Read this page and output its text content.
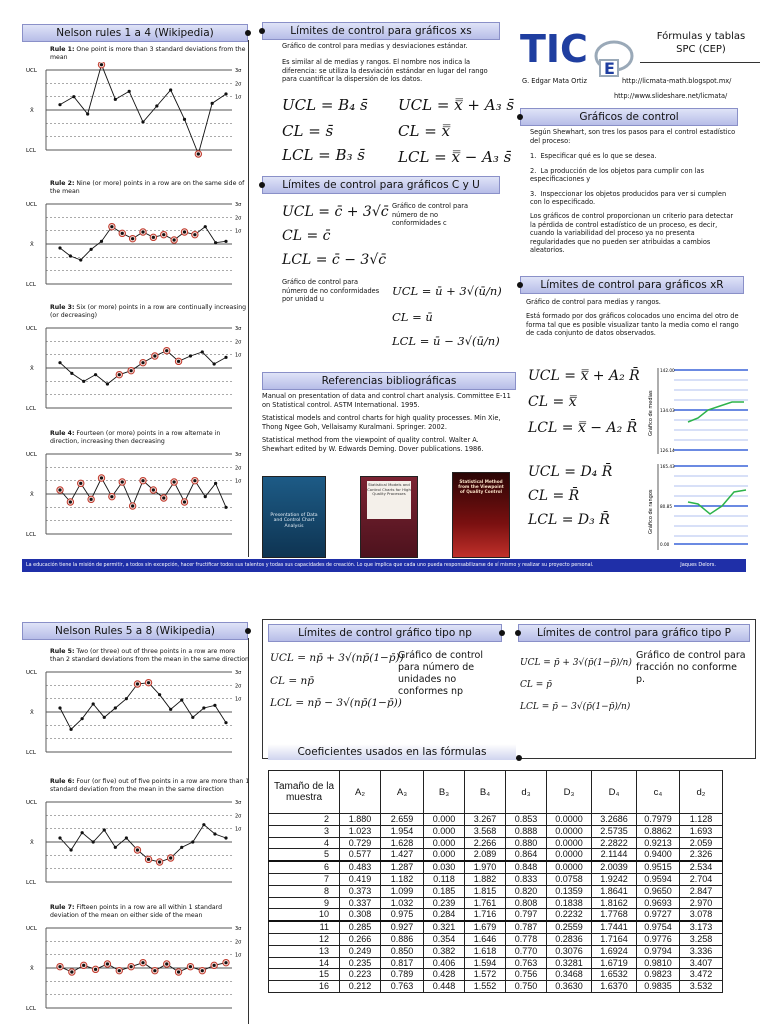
Nelson rules 1 a 4 (Wikipedia)
Rule 1: One point is more than 3 standard deviations from the mean
UCL
X̄
LCL
3σ
2σ
1σ
Rule 2: Nine (or more) points in a row are on the same side of the mean
UCL
X̄
LCL
3σ
2σ
1σ
Rule 3: Six (or more) points in a row are continually increasing (or decreasing)
UCL
X̄
LCL
3σ
2σ
1σ
Rule 4: Fourteen (or more) points in a row alternate in direction, increasing then decreasing
UCL
X̄
LCL
3σ
2σ
1σ
Límites de control para gráficos xs
Gráfico de control para medias y desviaciones estándar.
Es similar al de medias y rangos. El nombre nos indica la diferencia: se utiliza la desviación estándar en lugar del rango para cuantificar la dispersión de los datos.
UCL = B₄ s̄ UCL = x̿ + A₃ s̄
CL = s̄	CL = x̿
LCL = B₃ s̄ LCL = x̿ − A₃ s̄
Límites de control para gráficos C y U
UCL = c̄ + 3√c̄
CL = c̄
LCL = c̄ − 3√c̄
Gráfico de control para número de no conformidades c
Gráfico de control para número de no conformidades por unidad u
UCL = ū + 3√(ū/n)
CL = ū
LCL = ū − 3√(ū/n)
TIC E
Fórmulas y tablas
SPC (CEP)
G. Edgar Mata Ortiz	http://licmata-math.blogspot.mx/
http://www.slideshare.net/licmata/
Gráficos de control
Según Shewhart, son tres los pasos para el control estadístico del proceso:
1.  Especificar qué es lo que se desea.
2.  La producción de los objetos para cumplir con las especificaciones y
3.  Inspeccionar los objetos producidos para ver si cumplen con lo especificado.
Los gráficos de control proporcionan un criterio para detectar la pérdida de control estadístico de un proceso, es decir, cuando la variabilidad del proceso ya no presenta regularidades que no pueden ser atribuidas a cambios aleatorios.
Límites de control para gráficos xR
Gráfico de control para medias y rangos.
Está formado por dos gráficos colocados uno encima del otro de forma tal que es posible visualizar tanto la media como el rango de cada conjunto de datos observados.
UCL = x̿ + A₂ R̄
CL = x̿
LCL = x̿ − A₂ R̄
UCL = D₄ R̄
CL = R̄
LCL = D₃ R̄
Gráfico de medias
Gráfico de rangos
142.00
134.03
126.14
165.43
80.85
0.00
Referencias bibliográficas
Manual on presentation of data and control chart analysis. Committee E-11 on Statistical control. ASTM International. 1995.
Statistical models and control charts for high quality processes. Min Xie, Thong Ngee Goh, Vellaisamy Kuralmani. Springer. 2002.
Statistical method from the viewpoint of quality control. Walter A. Shewhart edited by W. Edwards Deming. Dover publications. 1986.
Presentation of Data and Control Chart Analysis
Statistical Models and Control Charts for High Quality Processes
Statistical Method from the Viewpoint of Quality Control
La educación tiene la misión de permitir, a todos sin excepción, hacer fructificar todos sus talentos y todas sus capacidades de creación. Lo que implica que cada uno pueda responsabilizarse de sí mismo y realizar su proyecto personal.	Jaques Delors.
Nelson Rules 5 a 8 (Wikipedia)
Rule 5: Two (or three) out of three points in a row are more than 2 standard deviations from the mean in the same direction
UCL
X̄
LCL
3σ
2σ
1σ
Rule 6: Four (or five) out of five points in a row are more than 1 standard deviation from the mean in the same direction
UCL
X̄
LCL
3σ
2σ
1σ
Rule 7: Fifteen points in a row are all within 1 standard deviation of the mean on either side of the mean
UCL
X̄
LCL
3σ
2σ
1σ
Límites de control gráfico tipo np
UCL = np̄ + 3√(np̄(1−p̄))
CL = np̄
LCL = np̄ − 3√(np̄(1−p̄))
Gráfico de control para número de unidades no conformes np
Límites de control para gráfico tipo P
UCL = p̄ + 3√(p̄(1−p̄)/n)
CL = p̄
LCL = p̄ − 3√(p̄(1−p̄)/n)
Gráfico de control para fracción no conforme p.
Coeficientes usados en las fórmulas
Tamaño de la muestra	A₂	A₃	B₃	B₄	d₃	D₃	D₄	c₄	d₂
2	1.880	2.659	0.000	3.267	0.853	0.0000	3.2686	0.7979	1.128
3	1.023	1.954	0.000	3.568	0.888	0.0000	2.5735	0.8862	1.693
4	0.729	1.628	0.000	2.266	0.880	0.0000	2.2822	0.9213	2.059
5	0.577	1.427	0.000	2.089	0.864	0.0000	2.1144	0.9400	2.326
6	0.483	1.287	0.030	1.970	0.848	0.0000	2.0039	0.9515	2.534
7	0.419	1.182	0.118	1.882	0.833	0.0758	1.9242	0.9594	2.704
8	0.373	1.099	0.185	1.815	0.820	0.1359	1.8641	0.9650	2.847
9	0.337	1.032	0.239	1.761	0.808	0.1838	1.8162	0.9693	2.970
10	0.308	0.975	0.284	1.716	0.797	0.2232	1.7768	0.9727	3.078
11	0.285	0.927	0.321	1.679	0.787	0.2559	1.7441	0.9754	3.173
12	0.266	0.886	0.354	1.646	0.778	0.2836	1.7164	0.9776	3.258
13	0.249	0.850	0.382	1.618	0.770	0.3076	1.6924	0.9794	3.336
14	0.235	0.817	0.406	1.594	0.763	0.3281	1.6719	0.9810	3.407
15	0.223	0.789	0.428	1.572	0.756	0.3468	1.6532	0.9823	3.472
16	0.212	0.763	0.448	1.552	0.750	0.3630	1.6370	0.9835	3.532
